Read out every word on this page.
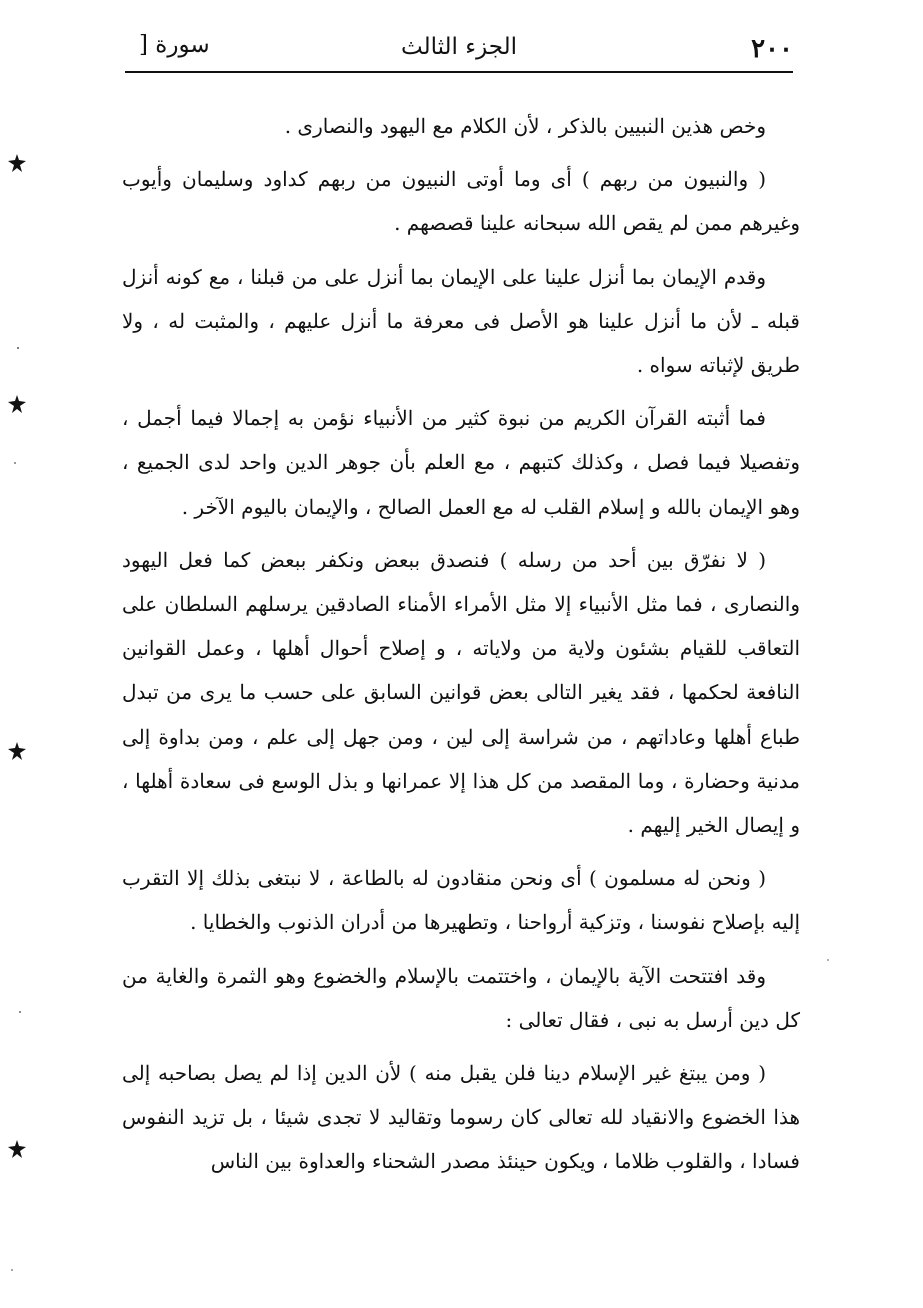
٢٠٠
الجزء الثالث
سورة [

وخص هذين النبيين بالذكر ، لأن الكلام مع اليهود والنصارى .

( والنبيون من ربهم ) أى وما أوتى النبيون من ربهم كداود وسليمان وأيوب وغيرهم ممن لم يقص الله سبحانه علينا قصصهم .

وقدم الإيمان بما أنزل علينا على الإيمان بما أنزل على من قبلنا ، مع كونه أنزل قبله ـ لأن ما أنزل علينا هو الأصل فى معرفة ما أنزل عليهم ، والمثبت له ، ولا طريق لإثباته سواه .

فما أثبته القرآن الكريم من نبوة كثير من الأنبياء نؤمن به إجمالا فيما أجمل ، وتفصيلا فيما فصل ، وكذلك كتبهم ، مع العلم بأن جوهر الدين واحد لدى الجميع ، وهو الإيمان بالله و إسلام القلب له مع العمل الصالح ، والإيمان باليوم الآخر .

( لا نفرّق بين أحد من رسله ) فنصدق ببعض ونكفر ببعض كما فعل اليهود والنصارى ، فما مثل الأنبياء إلا مثل الأمراء الأمناء الصادقين يرسلهم السلطان على التعاقب للقيام بشئون ولاية من ولاياته ، و إصلاح أحوال أهلها ، وعمل القوانين النافعة لحكمها ، فقد يغير التالى بعض قوانين السابق على حسب ما يرى من تبدل طباع أهلها وعاداتهم ، من شراسة إلى لين ، ومن جهل إلى علم ، ومن بداوة إلى مدنية وحضارة ، وما المقصد من كل هذا إلا عمرانها و بذل الوسع فى سعادة أهلها ، و إيصال الخير إليهم .

( ونحن له مسلمون ) أى ونحن منقادون له بالطاعة ، لا نبتغى بذلك إلا التقرب إليه بإصلاح نفوسنا ، وتزكية أرواحنا ، وتطهيرها من أدران الذنوب والخطايا .

وقد افتتحت الآية بالإيمان ، واختتمت بالإسلام والخضوع وهو الثمرة والغاية من كل دين أرسل به نبى ، فقال تعالى :

( ومن يبتغ غير الإسلام دينا فلن يقبل منه ) لأن الدين إذا لم يصل بصاحبه إلى هذا الخضوع والانقياد لله تعالى كان رسوما وتقاليد لا تجدى شيئا ، بل تزيد النفوس فسادا ، والقلوب ظلاما ، ويكون حينئذ مصدر الشحناء والعداوة بين الناس
